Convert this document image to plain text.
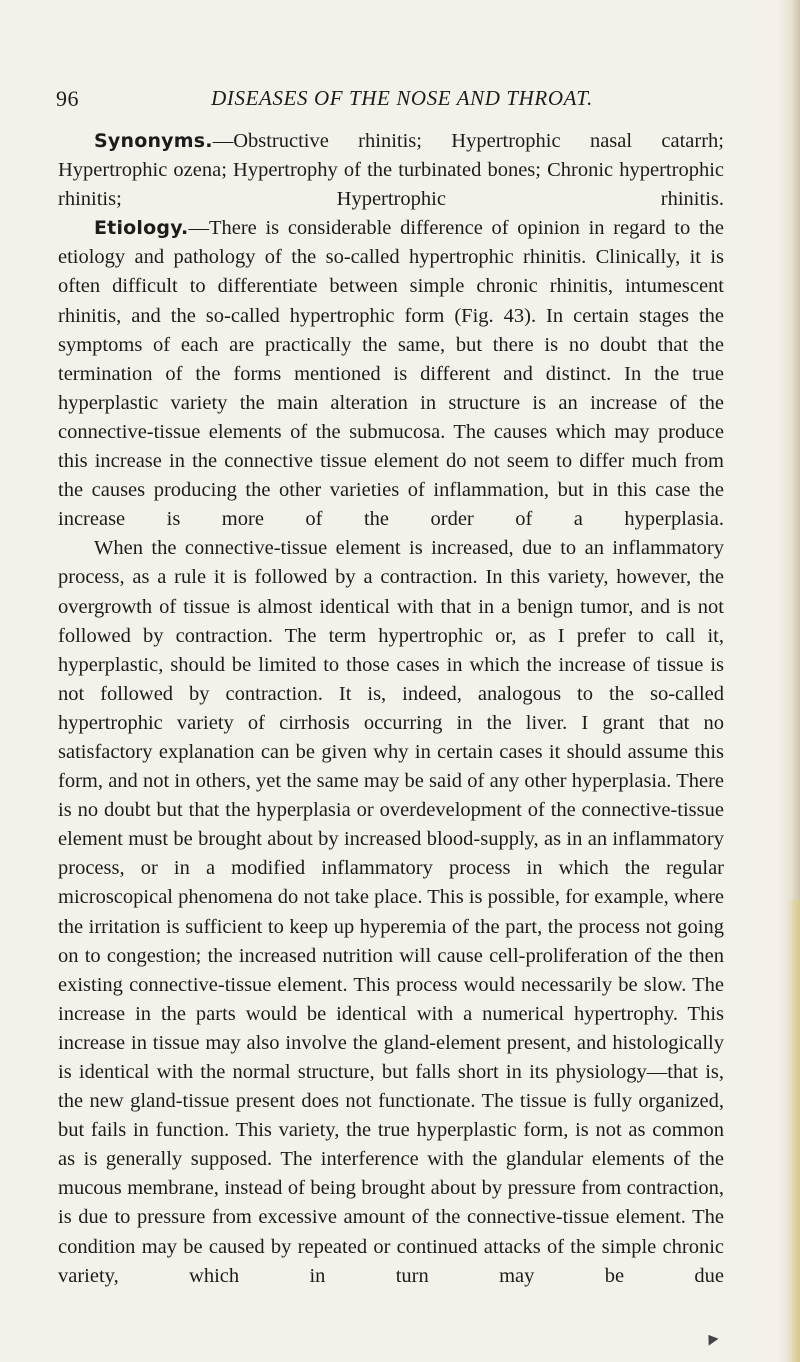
96	DISEASES OF THE NOSE AND THROAT.

Synonyms.—Obstructive rhinitis; Hypertrophic nasal catarrh; Hypertrophic ozena; Hypertrophy of the turbinated bones; Chronic hypertrophic rhinitis; Hypertrophic rhinitis.

Etiology.—There is considerable difference of opinion in regard to the etiology and pathology of the so-called hypertrophic rhinitis. Clinically, it is often difficult to differentiate between simple chronic rhinitis, intumescent rhinitis, and the so-called hypertrophic form (Fig. 43). In certain stages the symptoms of each are practically the same, but there is no doubt that the termination of the forms mentioned is different and distinct. In the true hyperplastic variety the main alteration in structure is an increase of the connective-tissue elements of the submucosa. The causes which may produce this increase in the connective tissue element do not seem to differ much from the causes producing the other varieties of inflammation, but in this case the increase is more of the order of a hyperplasia.

When the connective-tissue element is increased, due to an inflammatory process, as a rule it is followed by a contraction. In this variety, however, the overgrowth of tissue is almost identical with that in a benign tumor, and is not followed by contraction. The term hypertrophic or, as I prefer to call it, hyperplastic, should be limited to those cases in which the increase of tissue is not followed by contraction. It is, indeed, analogous to the so-called hypertrophic variety of cirrhosis occurring in the liver. I grant that no satisfactory explanation can be given why in certain cases it should assume this form, and not in others, yet the same may be said of any other hyperplasia. There is no doubt but that the hyperplasia or overdevelopment of the connective-tissue element must be brought about by increased blood-supply, as in an inflammatory process, or in a modified inflammatory process in which the regular microscopical phenomena do not take place. This is possible, for example, where the irritation is sufficient to keep up hyperemia of the part, the process not going on to congestion; the increased nutrition will cause cell-proliferation of the then existing connective-tissue element. This process would necessarily be slow. The increase in the parts would be identical with a numerical hypertrophy. This increase in tissue may also involve the gland-element present, and histologically is identical with the normal structure, but falls short in its physiology—that is, the new gland-tissue present does not functionate. The tissue is fully organized, but fails in function. This variety, the true hyperplastic form, is not as common as is generally supposed. The interference with the glandular elements of the mucous membrane, instead of being brought about by pressure from contraction, is due to pressure from excessive amount of the connective-tissue element. The condition may be caused by repeated or continued attacks of the simple chronic variety, which in turn may be due
